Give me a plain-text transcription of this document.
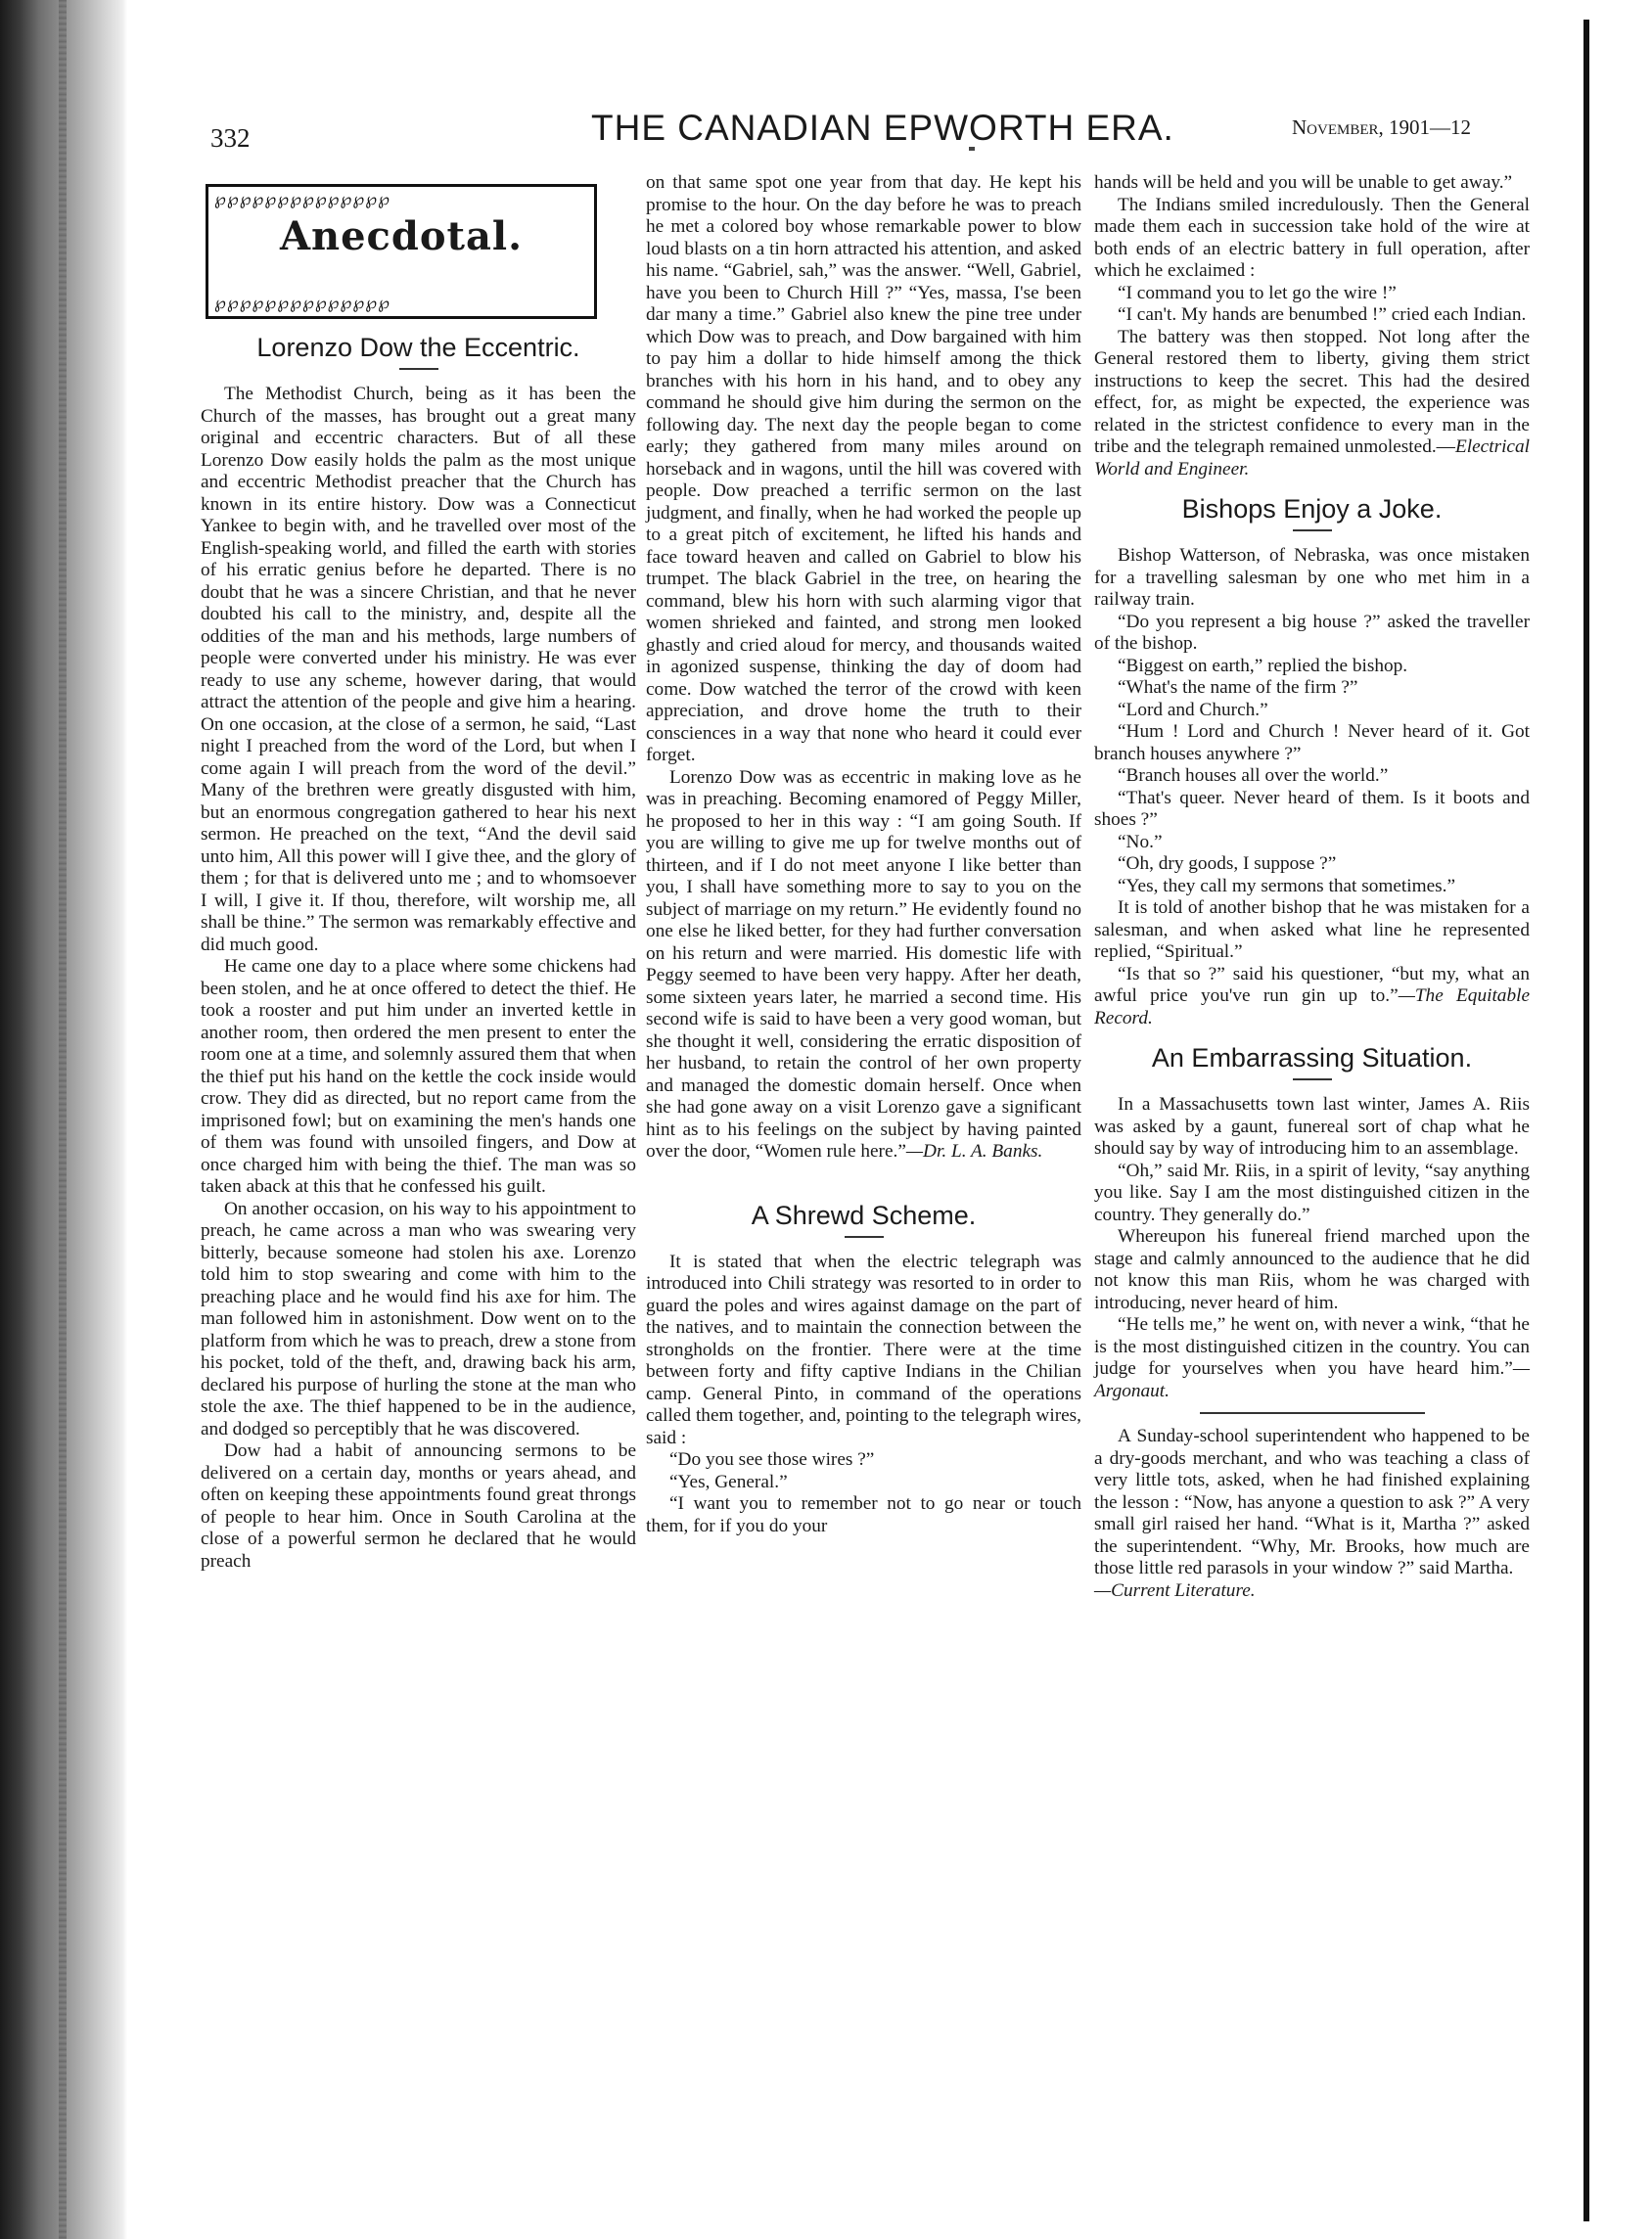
332	THE CANADIAN EPWORTH ERA.	November, 1901—12
℘℘℘℘℘℘℘℘℘℘℘℘℘℘
Anecdotal.
℘℘℘℘℘℘℘℘℘℘℘℘℘℘
Lorenzo Dow the Eccentric.

The Methodist Church, being as it has been the Church of the masses, has brought out a great many original and eccentric characters. But of all these Lorenzo Dow easily holds the palm as the most unique and eccentric Methodist preacher that the Church has known in its entire history. Dow was a Connecticut Yankee to begin with, and he travelled over most of the English-speaking world, and filled the earth with stories of his erratic genius before he departed. There is no doubt that he was a sincere Christian, and that he never doubted his call to the ministry, and, despite all the oddities of the man and his methods, large numbers of people were converted under his ministry. He was ever ready to use any scheme, however daring, that would attract the attention of the people and give him a hearing. On one occasion, at the close of a sermon, he said, “Last night I preached from the word of the Lord, but when I come again I will preach from the word of the devil.” Many of the brethren were greatly disgusted with him, but an enormous congregation gathered to hear his next sermon. He preached on the text, “And the devil said unto him, All this power will I give thee, and the glory of them ; for that is delivered unto me ; and to whomsoever I will, I give it. If thou, therefore, wilt worship me, all shall be thine.” The sermon was remarkably effective and did much good.

He came one day to a place where some chickens had been stolen, and he at once offered to detect the thief. He took a rooster and put him under an inverted kettle in another room, then ordered the men present to enter the room one at a time, and solemnly assured them that when the thief put his hand on the kettle the cock inside would crow. They did as directed, but no report came from the imprisoned fowl; but on examining the men's hands one of them was found with unsoiled fingers, and Dow at once charged him with being the thief. The man was so taken aback at this that he confessed his guilt.

On another occasion, on his way to his appointment to preach, he came across a man who was swearing very bitterly, because someone had stolen his axe. Lorenzo told him to stop swearing and come with him to the preaching place and he would find his axe for him. The man followed him in astonishment. Dow went on to the platform from which he was to preach, drew a stone from his pocket, told of the theft, and, drawing back his arm, declared his purpose of hurling the stone at the man who stole the axe. The thief happened to be in the audience, and dodged so perceptibly that he was discovered.

Dow had a habit of announcing sermons to be delivered on a certain day, months or years ahead, and often on keeping these appointments found great throngs of people to hear him. Once in South Carolina at the close of a powerful sermon he declared that he would preach

on that same spot one year from that day. He kept his promise to the hour. On the day before he was to preach he met a colored boy whose remarkable power to blow loud blasts on a tin horn attracted his attention, and asked his name. “Gabriel, sah,” was the answer. “Well, Gabriel, have you been to Church Hill ?” “Yes, massa, I'se been dar many a time.” Gabriel also knew the pine tree under which Dow was to preach, and Dow bargained with him to pay him a dollar to hide himself among the thick branches with his horn in his hand, and to obey any command he should give him during the sermon on the following day. The next day the people began to come early; they gathered from many miles around on horseback and in wagons, until the hill was covered with people. Dow preached a terrific sermon on the last judgment, and finally, when he had worked the people up to a great pitch of excitement, he lifted his hands and face toward heaven and called on Gabriel to blow his trumpet. The black Gabriel in the tree, on hearing the command, blew his horn with such alarming vigor that women shrieked and fainted, and strong men looked ghastly and cried aloud for mercy, and thousands waited in agonized suspense, thinking the day of doom had come. Dow watched the terror of the crowd with keen appreciation, and drove home the truth to their consciences in a way that none who heard it could ever forget.

Lorenzo Dow was as eccentric in making love as he was in preaching. Becoming enamored of Peggy Miller, he proposed to her in this way : “I am going South. If you are willing to give me up for twelve months out of thirteen, and if I do not meet anyone I like better than you, I shall have something more to say to you on the subject of marriage on my return.” He evidently found no one else he liked better, for they had further conversation on his return and were married. His domestic life with Peggy seemed to have been very happy. After her death, some sixteen years later, he married a second time. His second wife is said to have been a very good woman, but she thought it well, considering the erratic disposition of her husband, to retain the control of her own property and managed the domestic domain herself. Once when she had gone away on a visit Lorenzo gave a significant hint as to his feelings on the subject by having painted over the door, “Women rule here.”—Dr. L. A. Banks.

A Shrewd Scheme.

It is stated that when the electric telegraph was introduced into Chili strategy was resorted to in order to guard the poles and wires against damage on the part of the natives, and to maintain the connection between the strongholds on the frontier. There were at the time between forty and fifty captive Indians in the Chilian camp. General Pinto, in command of the operations called them together, and, pointing to the telegraph wires, said :

“Do you see those wires ?”

“Yes, General.”

“I want you to remember not to go near or touch them, for if you do your

hands will be held and you will be unable to get away.”

The Indians smiled incredulously. Then the General made them each in succession take hold of the wire at both ends of an electric battery in full operation, after which he exclaimed :

“I command you to let go the wire !”

“I can't. My hands are benumbed !” cried each Indian.

The battery was then stopped. Not long after the General restored them to liberty, giving them strict instructions to keep the secret. This had the desired effect, for, as might be expected, the experience was related in the strictest confidence to every man in the tribe and the telegraph remained unmolested.—Electrical World and Engineer.

Bishops Enjoy a Joke.

Bishop Watterson, of Nebraska, was once mistaken for a travelling salesman by one who met him in a railway train.

“Do you represent a big house ?” asked the traveller of the bishop.

“Biggest on earth,” replied the bishop.

“What's the name of the firm ?”

“Lord and Church.”

“Hum ! Lord and Church ! Never heard of it. Got branch houses anywhere ?”

“Branch houses all over the world.”

“That's queer. Never heard of them. Is it boots and shoes ?”

“No.”

“Oh, dry goods, I suppose ?”

“Yes, they call my sermons that sometimes.”

It is told of another bishop that he was mistaken for a salesman, and when asked what line he represented replied, “Spiritual.”

“Is that so ?” said his questioner, “but my, what an awful price you've run gin up to.”—The Equitable Record.

An Embarrassing Situation.

In a Massachusetts town last winter, James A. Riis was asked by a gaunt, funereal sort of chap what he should say by way of introducing him to an assemblage.

“Oh,” said Mr. Riis, in a spirit of levity, “say anything you like. Say I am the most distinguished citizen in the country. They generally do.”

Whereupon his funereal friend marched upon the stage and calmly announced to the audience that he did not know this man Riis, whom he was charged with introducing, never heard of him.

“He tells me,” he went on, with never a wink, “that he is the most distinguished citizen in the country. You can judge for yourselves when you have heard him.”—Argonaut.

A Sunday-school superintendent who happened to be a dry-goods merchant, and who was teaching a class of very little tots, asked, when he had finished explaining the lesson : “Now, has anyone a question to ask ?” A very small girl raised her hand. “What is it, Martha ?” asked the superintendent. “Why, Mr. Brooks, how much are those little red parasols in your window ?” said Martha.

—Current Literature.
